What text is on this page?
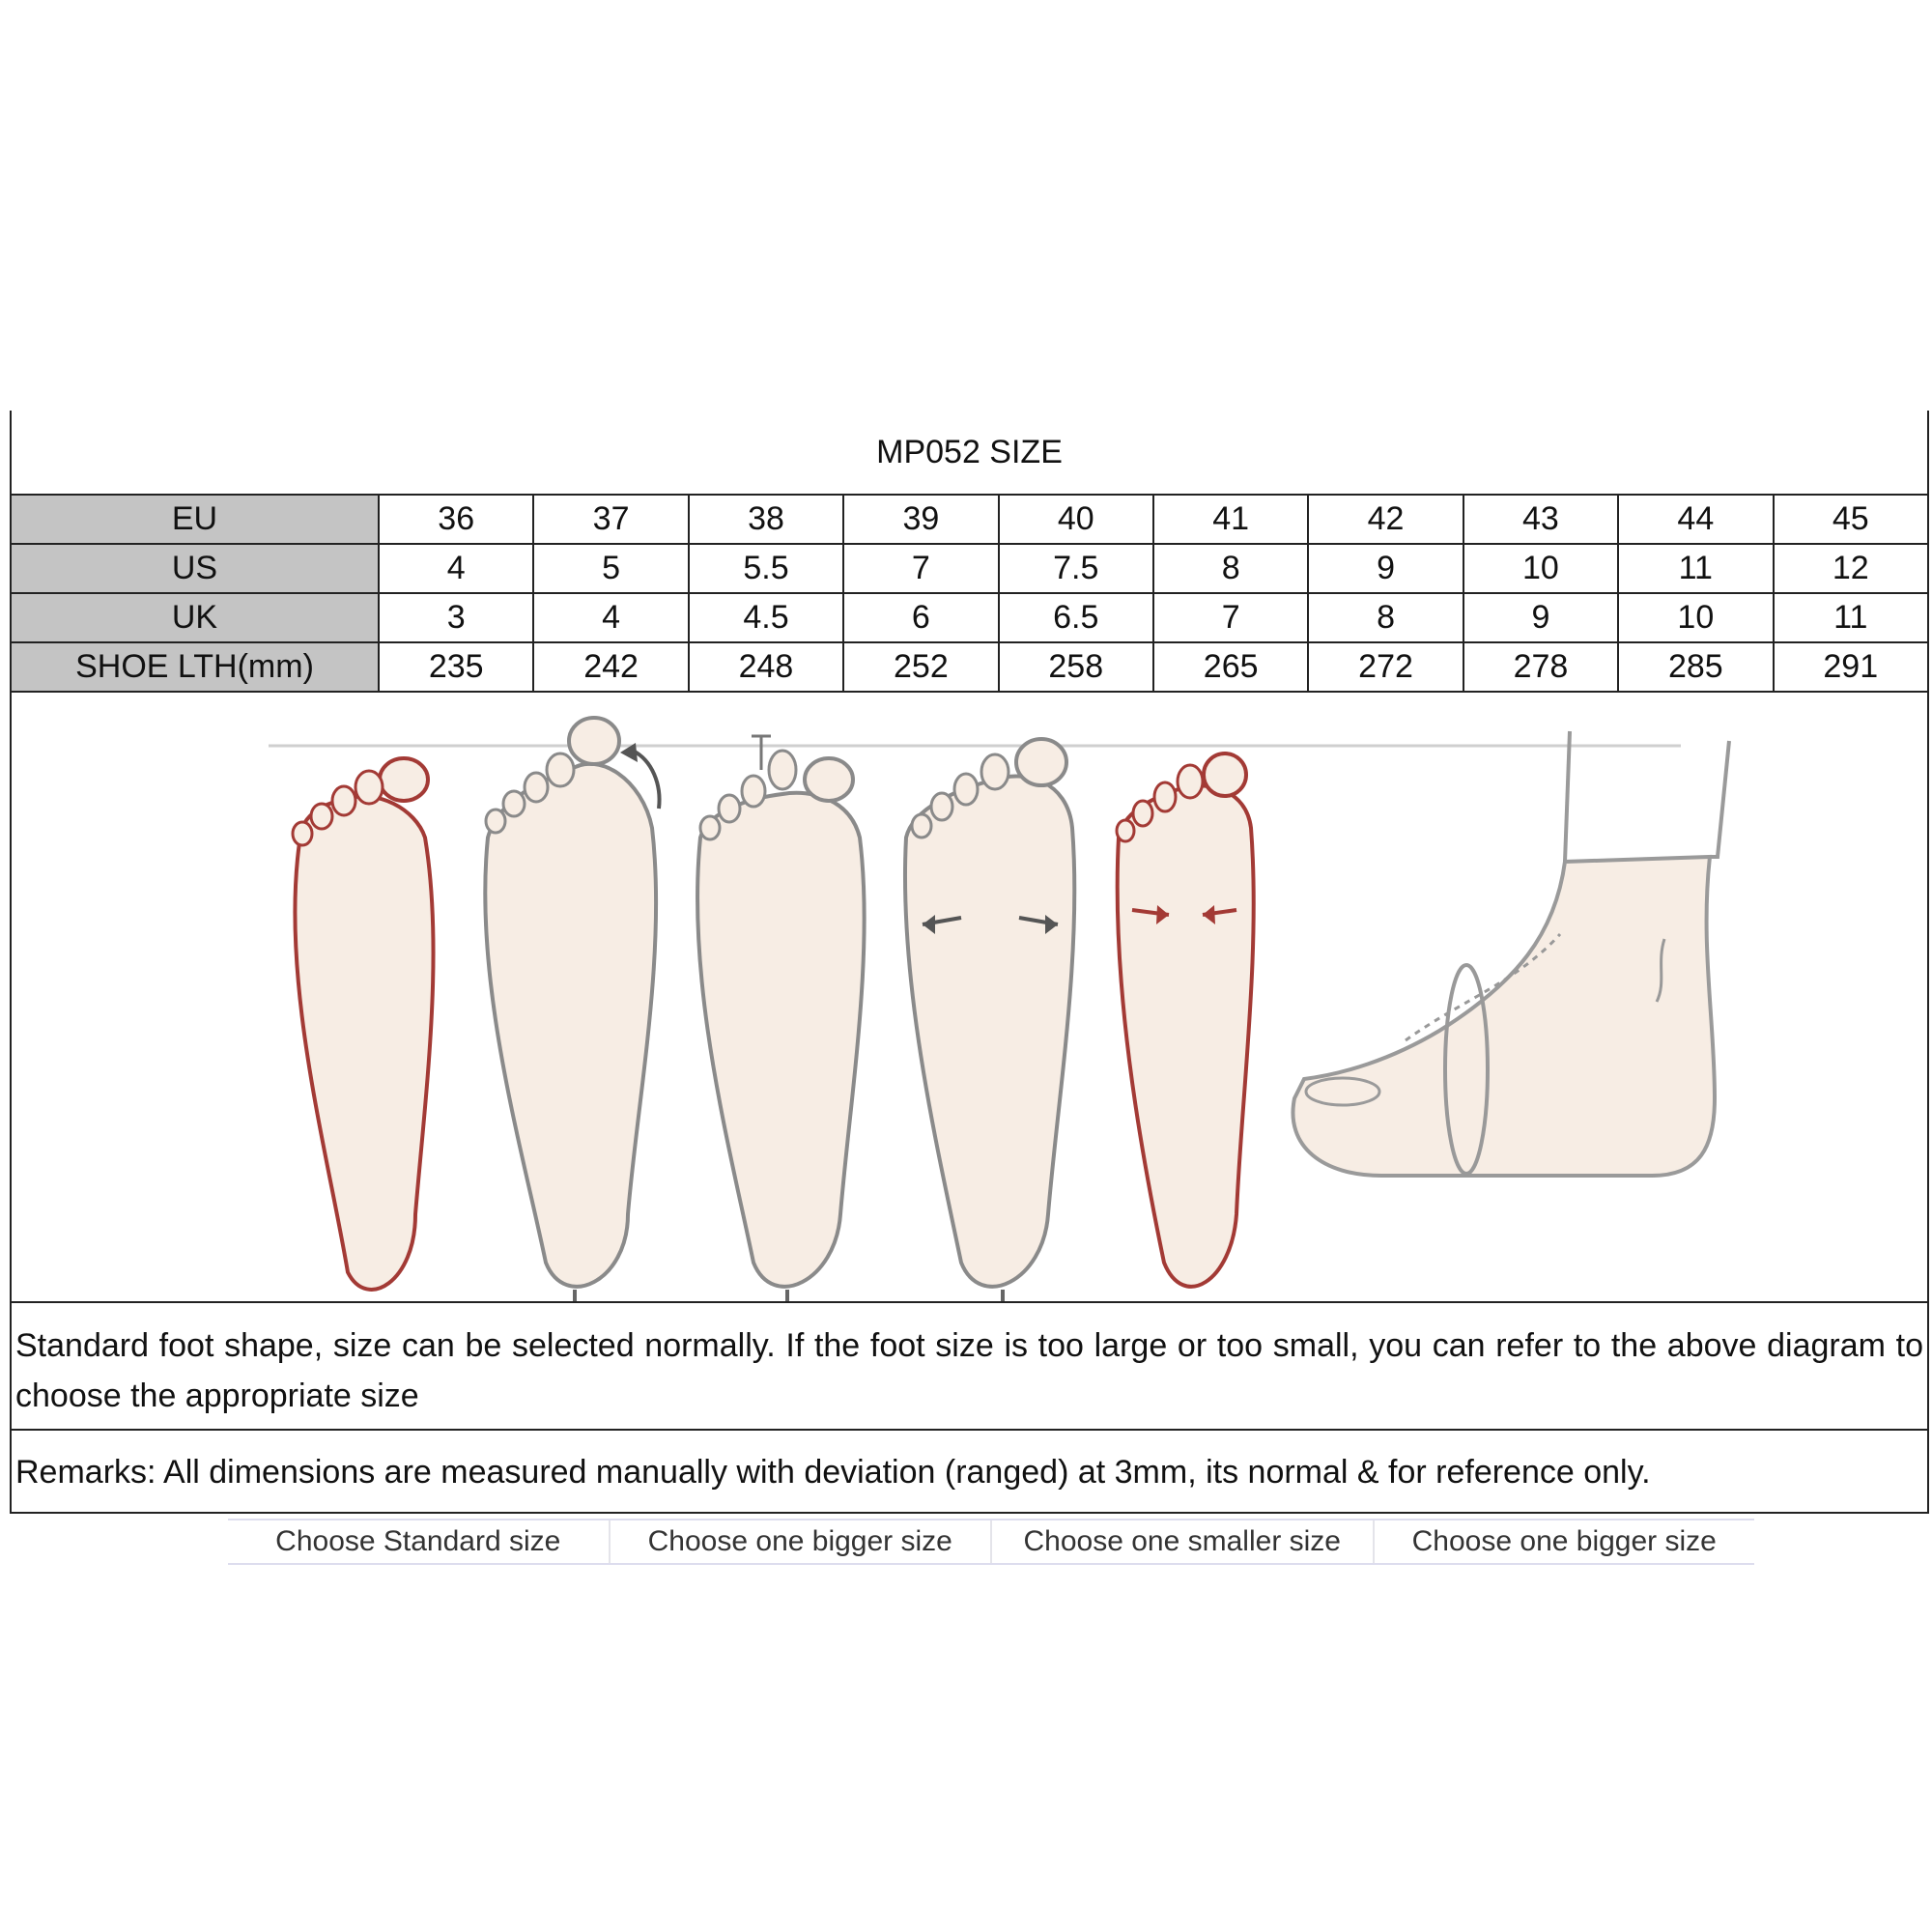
MP052 SIZE
EU	36	37	38	39	40	41	42	43	44	45
US	4	5	5.5	7	7.5	8	9	10	11	12
UK	3	4	4.5	6	6.5	7	8	9	10	11
SHOE LTH(mm)	235	242	248	252	258	265	272	278	285	291
Choose Standard size	Choose one bigger size	Choose one smaller size	Choose one bigger size
Standard foot shape, size can be selected normally. If the foot size is too large or too small, you can refer to the above diagram to choose the appropriate size
Remarks: All dimensions are measured manually with deviation (ranged) at 3mm, its normal & for reference only.
